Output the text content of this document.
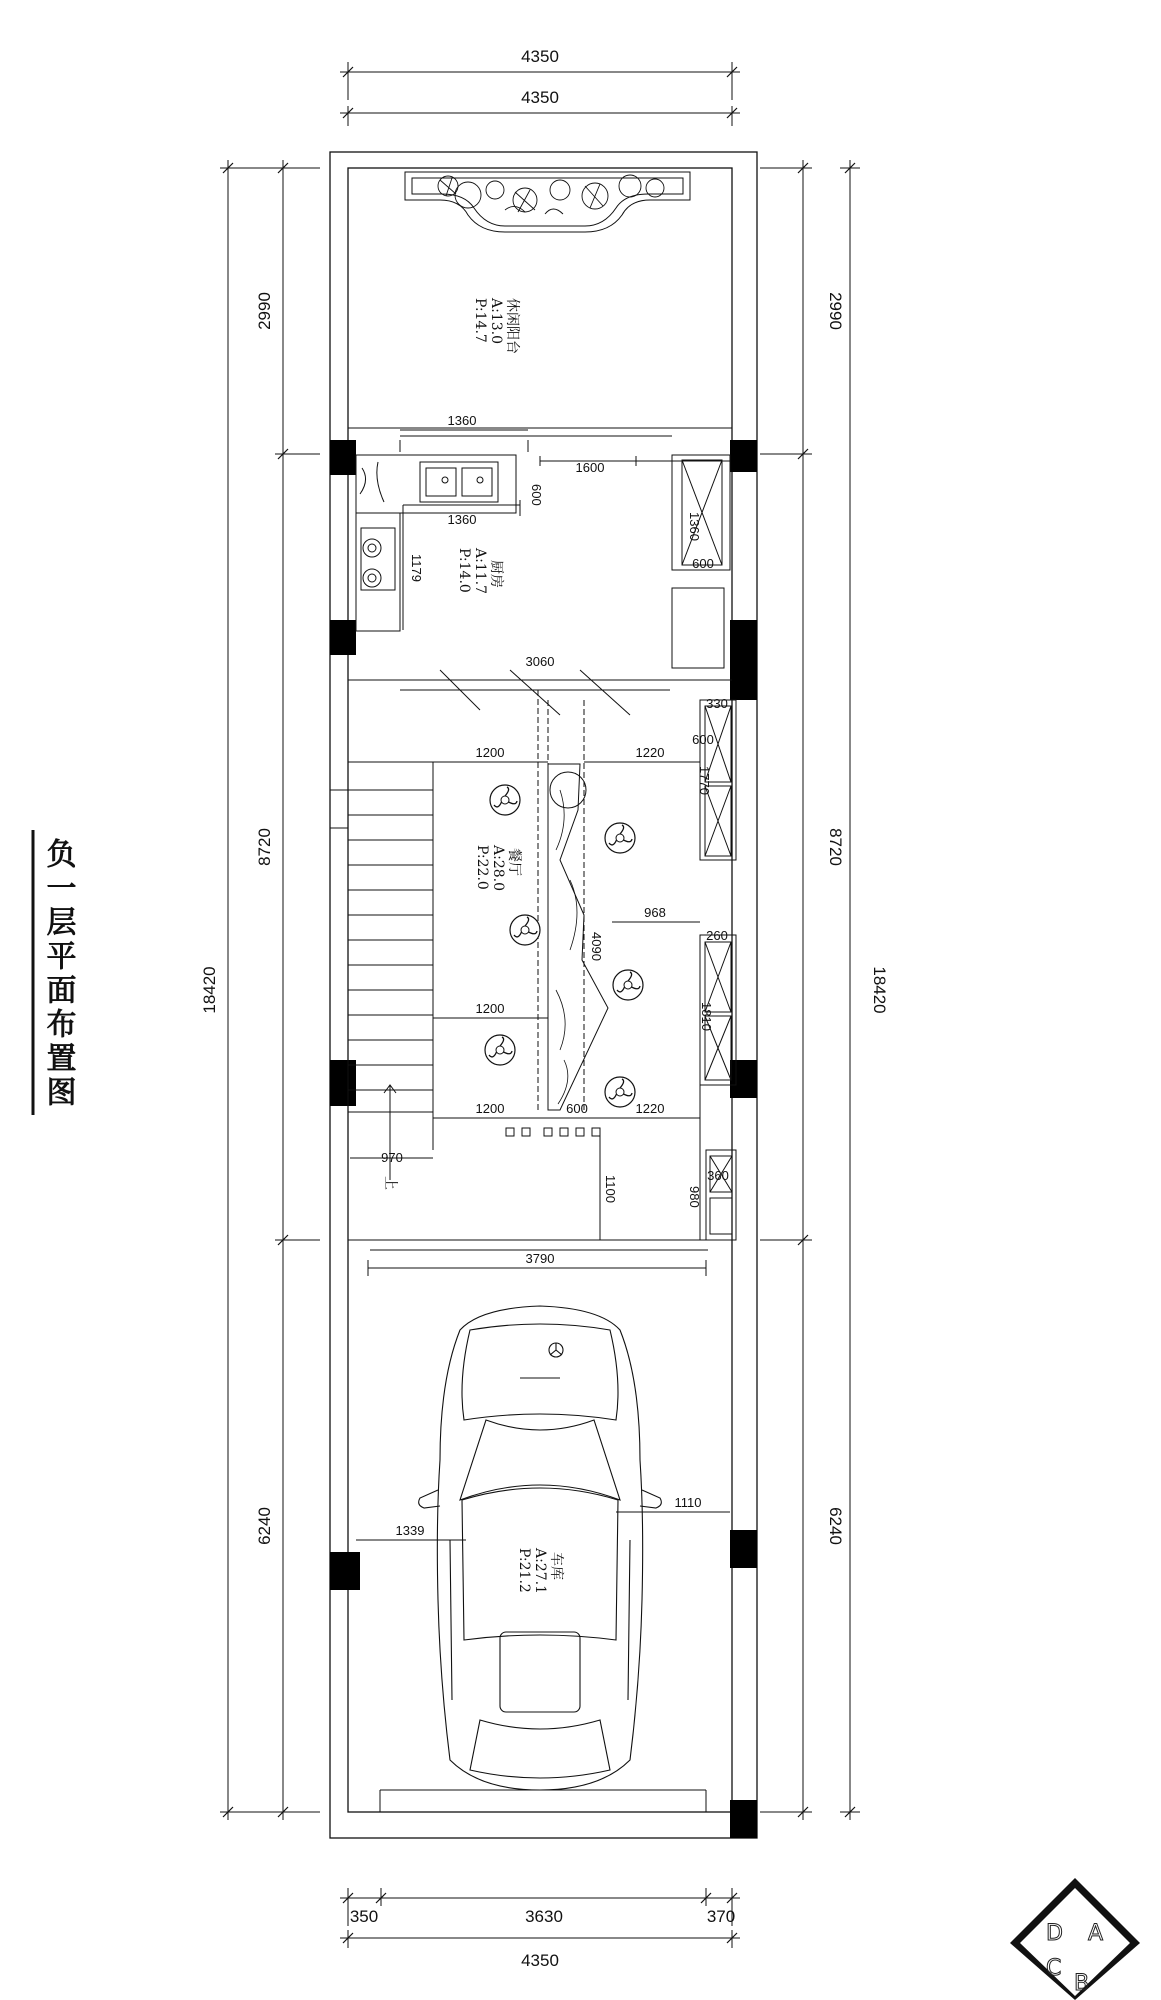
负一层平面布置图
4350
4350
350	3630	370
4350
2990
8720
6240
18420
2990
8720
6240
18420
休闲阳台
A:13.0
P:14.7
1360
1600
600
1360
1179
1360
600
3060
厨房
A:11.7
P:14.0
1200	1220
330
600
1770
968
260
4090
1810
1200
1200	600	1220
970
1100	360
980
上
餐厅
A:28.0
P:22.0
3790
1339
1110
车库
A:27.1
P:21.2
D A
C
B
